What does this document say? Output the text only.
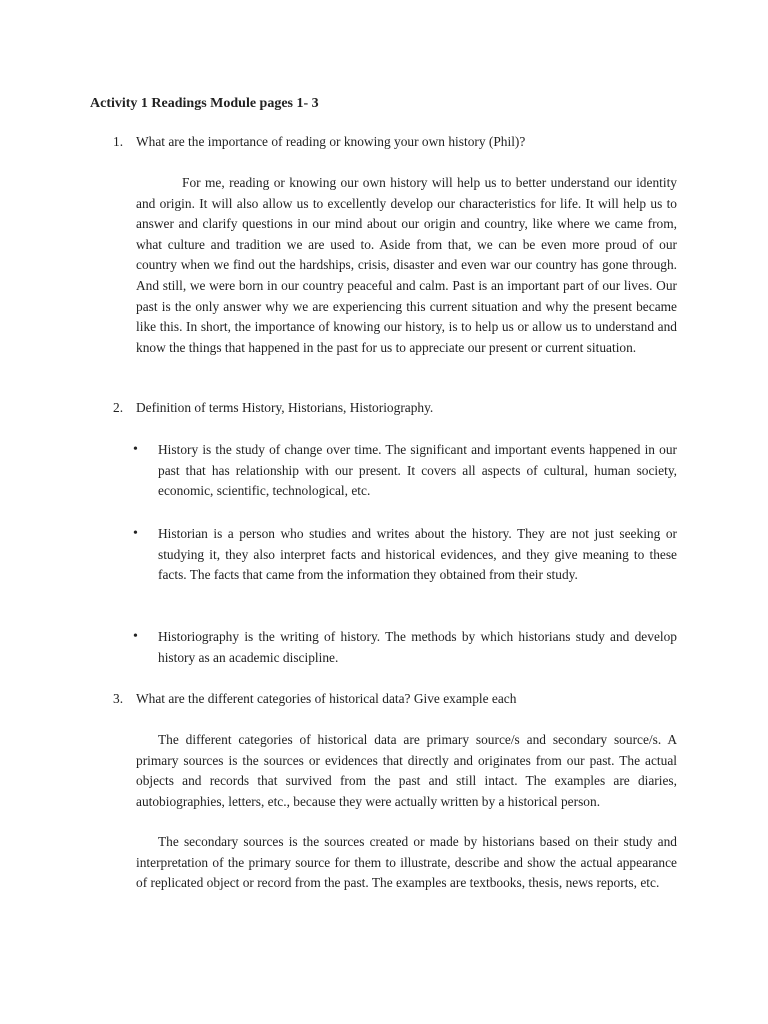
Activity 1 Readings Module pages 1- 3

1. What are the importance of reading or knowing your own history (Phil)?

For me, reading or knowing our own history will help us to better understand our identity and origin. It will also allow us to excellently develop our characteristics for life. It will help us to answer and clarify questions in our mind about our origin and country, like where we came from, what culture and tradition we are used to. Aside from that, we can be even more proud of our country when we find out the hardships, crisis, disaster and even war our country has gone through. And still, we were born in our country peaceful and calm. Past is an important part of our lives. Our past is the only answer why we are experiencing this current situation and why the present became like this. In short, the importance of knowing our history, is to help us or allow us to understand and know the things that happened in the past for us to appreciate our present or current situation.

2. Definition of terms History, Historians, Historiography.

•	History is the study of change over time. The significant and important events happened in our past that has relationship with our present. It covers all aspects of cultural, human society, economic, scientific, technological, etc.

•	Historian is a person who studies and writes about the history. They are not just seeking or studying it, they also interpret facts and historical evidences, and they give meaning to these facts. The facts that came from the information they obtained from their study.

•	Historiography is the writing of history. The methods by which historians study and develop history as an academic discipline.

3. What are the different categories of historical data? Give example each

The different categories of historical data are primary source/s and secondary source/s. A primary sources is the sources or evidences that directly and originates from our past. The actual objects and records that survived from the past and still intact. The examples are diaries, autobiographies, letters, etc., because they were actually written by a historical person.

The secondary sources is the sources created or made by historians based on their study and interpretation of the primary source for them to illustrate, describe and show the actual appearance of replicated object or record from the past. The examples are textbooks, thesis, news reports, etc.
